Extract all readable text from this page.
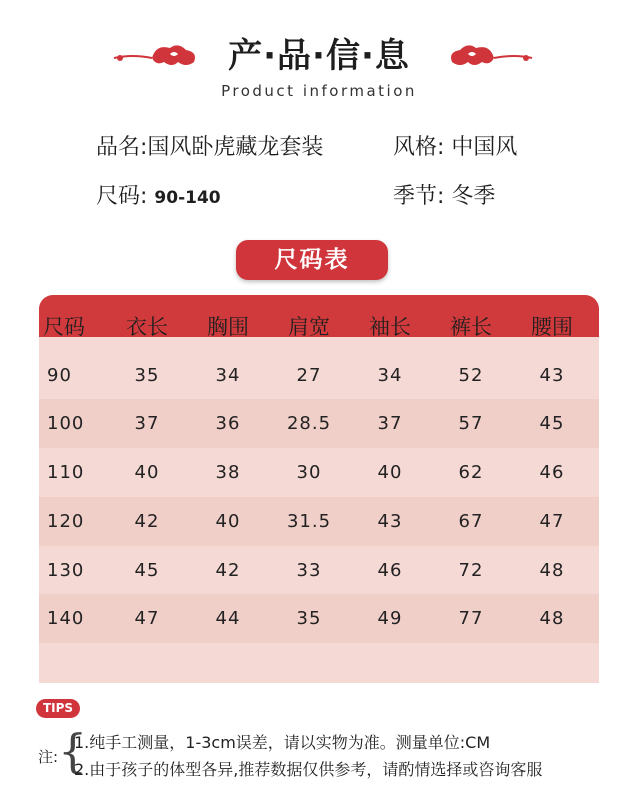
产·品·信·息
Product information
品名:国风卧虎藏龙套装	风格: 中国风
尺码: 90-140	季节: 冬季
尺码表
尺码	衣长	胸围	肩宽	袖长	裤长	腰围
90	35	34	27	34	52	43
100	37	36	28.5	37	57	45
110	40	38	30	40	62	46
120	42	40	31.5	43	67	47
130	45	42	33	46	72	48
140	47	44	35	49	77	48
TIPS
注: {
1.纯手工测量，1-3cm误差，请以实物为准。测量单位:CM
2.由于孩子的体型各异,推荐数据仅供参考，请酌情选择或咨询客服
